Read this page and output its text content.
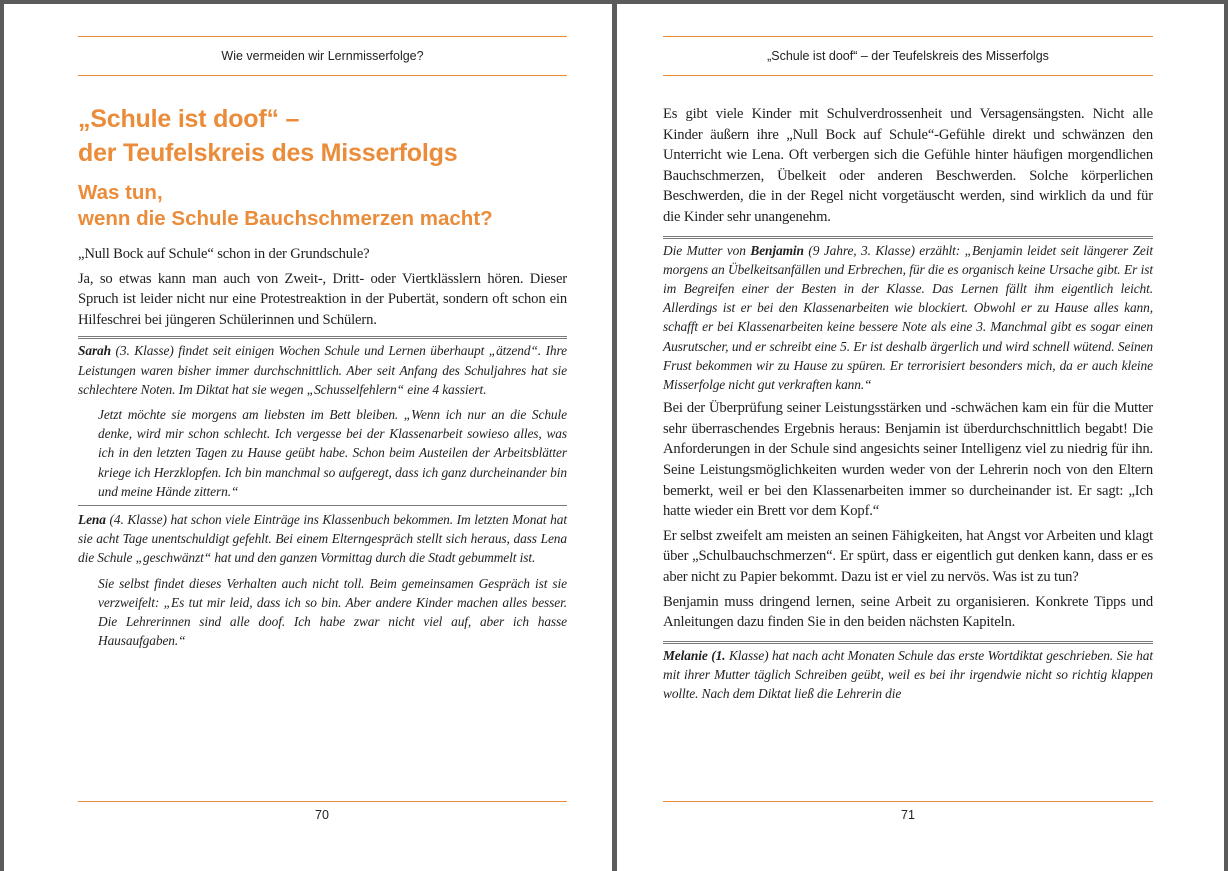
Wie vermeiden wir Lernmisserfolge?
„Schule ist doof“ –
der Teufelskreis des Misserfolgs
Was tun,
wenn die Schule Bauchschmerzen macht?

„Null Bock auf Schule“ schon in der Grundschule?

Ja, so etwas kann man auch von Zweit-, Dritt- oder Viertklässlern hören. Dieser Spruch ist leider nicht nur eine Protestreaktion in der Pubertät, sondern oft schon ein Hilfeschrei bei jüngeren Schülerinnen und Schülern.

Sarah (3. Klasse) findet seit einigen Wochen Schule und Lernen überhaupt „ätzend“. Ihre Leistungen waren bisher immer durchschnittlich. Aber seit Anfang des Schuljahres hat sie schlechtere Noten. Im Diktat hat sie wegen „Schusselfehlern“ eine 4 kassiert.

Jetzt möchte sie morgens am liebsten im Bett bleiben. „Wenn ich nur an die Schule denke, wird mir schon schlecht. Ich vergesse bei der Klassenarbeit sowieso alles, was ich in den letzten Tagen zu Hause geübt habe. Schon beim Austeilen der Arbeitsblätter kriege ich Herzklopfen. Ich bin manchmal so aufgeregt, dass ich ganz durcheinander bin und meine Hände zittern.“

Lena (4. Klasse) hat schon viele Einträge ins Klassenbuch bekommen. Im letzten Monat hat sie acht Tage unentschuldigt gefehlt. Bei einem Elterngespräch stellt sich heraus, dass Lena die Schule „geschwänzt“ hat und den ganzen Vormittag durch die Stadt gebummelt ist.

Sie selbst findet dieses Verhalten auch nicht toll. Beim gemeinsamen Gespräch ist sie verzweifelt: „Es tut mir leid, dass ich so bin. Aber andere Kinder machen alles besser. Die Lehrerinnen sind alle doof. Ich habe zwar nicht viel auf, aber ich hasse Hausaufgaben.“

70
„Schule ist doof“ – der Teufelskreis des Misserfolgs

Es gibt viele Kinder mit Schulverdrossenheit und Versagensängsten. Nicht alle Kinder äußern ihre „Null Bock auf Schule“-Gefühle direkt und schwänzen den Unterricht wie Lena. Oft verbergen sich die Gefühle hinter häufigen morgendlichen Bauchschmerzen, Übelkeit oder anderen Beschwerden. Solche körperlichen Beschwerden, die in der Regel nicht vorgetäuscht werden, sind wirklich da und für die Kinder sehr unangenehm.

Die Mutter von Benjamin (9 Jahre, 3. Klasse) erzählt: „Benjamin leidet seit längerer Zeit morgens an Übelkeitsanfällen und Erbrechen, für die es organisch keine Ursache gibt. Er ist im Begreifen einer der Besten in der Klasse. Das Lernen fällt ihm eigentlich leicht. Allerdings ist er bei den Klassenarbeiten wie blockiert. Obwohl er zu Hause alles kann, schafft er bei Klassenarbeiten keine bessere Note als eine 3. Manchmal gibt es sogar einen Ausrutscher, und er schreibt eine 5. Er ist deshalb ärgerlich und wird schnell wütend. Seinen Frust bekommen wir zu Hause zu spüren. Er terrorisiert besonders mich, da er auch kleine Misserfolge nicht gut verkraften kann.“

Bei der Überprüfung seiner Leistungsstärken und -schwächen kam ein für die Mutter sehr überraschendes Ergebnis heraus: Benjamin ist überdurchschnittlich begabt! Die Anforderungen in der Schule sind angesichts seiner Intelligenz viel zu niedrig für ihn. Seine Leistungsmöglichkeiten wurden weder von der Lehrerin noch von den Eltern bemerkt, weil er bei den Klassenarbeiten immer so durcheinander ist. Er sagt: „Ich hatte wieder ein Brett vor dem Kopf.“

Er selbst zweifelt am meisten an seinen Fähigkeiten, hat Angst vor Arbeiten und klagt über „Schulbauchschmerzen“. Er spürt, dass er eigentlich gut denken kann, dass er es aber nicht zu Papier bekommt. Dazu ist er viel zu nervös. Was ist zu tun?

Benjamin muss dringend lernen, seine Arbeit zu organisieren. Konkrete Tipps und Anleitungen dazu finden Sie in den beiden nächsten Kapiteln.

Melanie (1. Klasse) hat nach acht Monaten Schule das erste Wortdiktat geschrieben. Sie hat mit ihrer Mutter täglich Schreiben geübt, weil es bei ihr irgendwie nicht so richtig klappen wollte. Nach dem Diktat ließ die Lehrerin die

71
